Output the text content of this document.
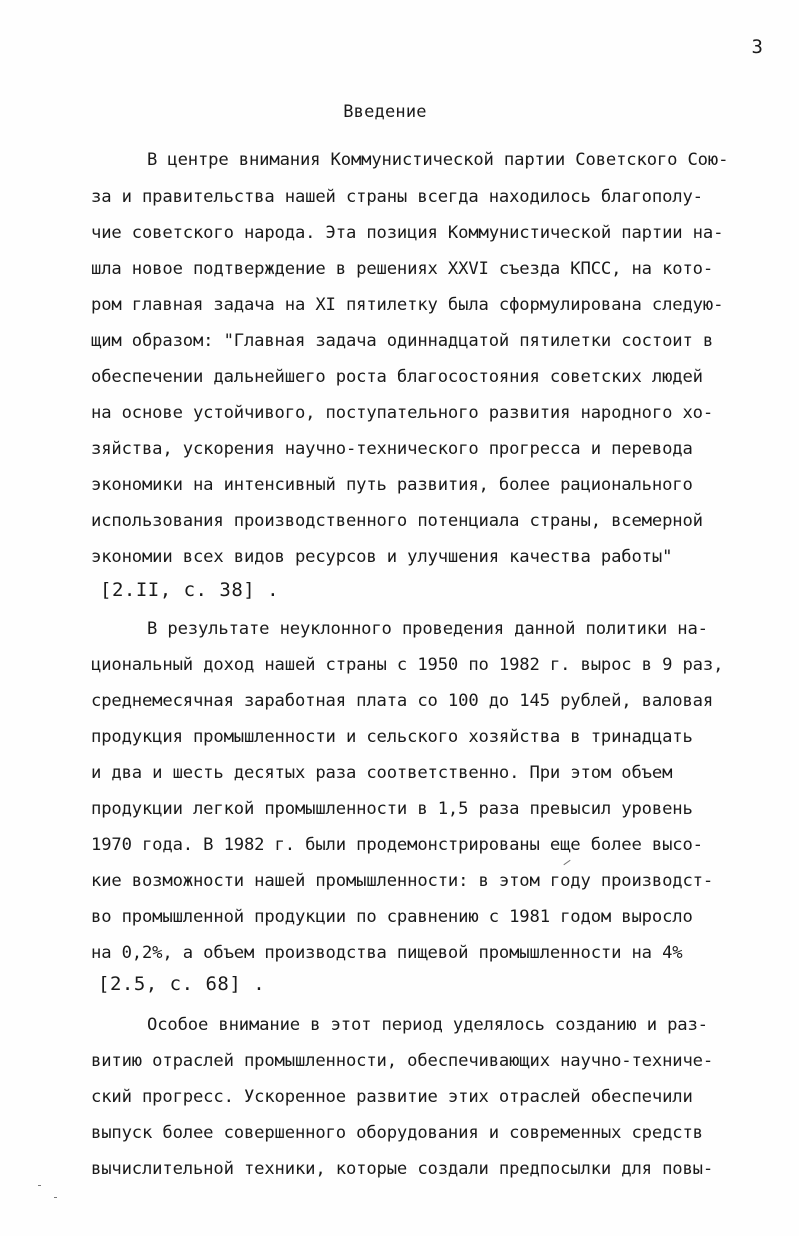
3
Введение
В центре внимания Коммунистической партии Советского Сою-
за и правительства нашей страны всегда находилось благополу-
чие советского народа. Эта позиция Коммунистической партии на-
шла новое подтверждение в решениях XXVI съезда КПСС, на кото-
ром главная задача на XI пятилетку была сформулирована следую-
щим образом: "Главная задача одиннадцатой пятилетки состоит в
обеспечении дальнейшего роста благосостояния советских людей
на основе устойчивого, поступательного развития народного хо-
зяйства, ускорения научно-технического прогресса и перевода
экономики на интенсивный путь развития, более рационального
использования производственного потенциала страны, всемерной
экономии всех видов ресурсов и улучшения качества работы"
[2.II, с. 38] .
В результате неуклонного проведения данной политики на-
циональный доход нашей страны с 1950 по 1982 г. вырос в 9 раз,
среднемесячная заработная плата со 100 до 145 рублей, валовая
продукция промышленности и сельского хозяйства в тринадцать
и два и шесть десятых раза соответственно. При этом объем
продукции легкой промышленности в 1,5 раза превысил уровень
1970 года. В 1982 г. были продемонстрированы еще более высо-
кие возможности нашей промышленности: в этом году производст-
во промышленной продукции по сравнению с 1981 годом выросло
на 0,2%, а объем производства пищевой промышленности на 4%
[2.5, с. 68] .
Особое внимание в этот период уделялось созданию и раз-
витию отраслей промышленности, обеспечивающих научно-техниче-
ский прогресс. Ускоренное развитие этих отраслей обеспечили
выпуск более совершенного оборудования и современных средств
вычислительной техники, которые создали предпосылки для повы-
